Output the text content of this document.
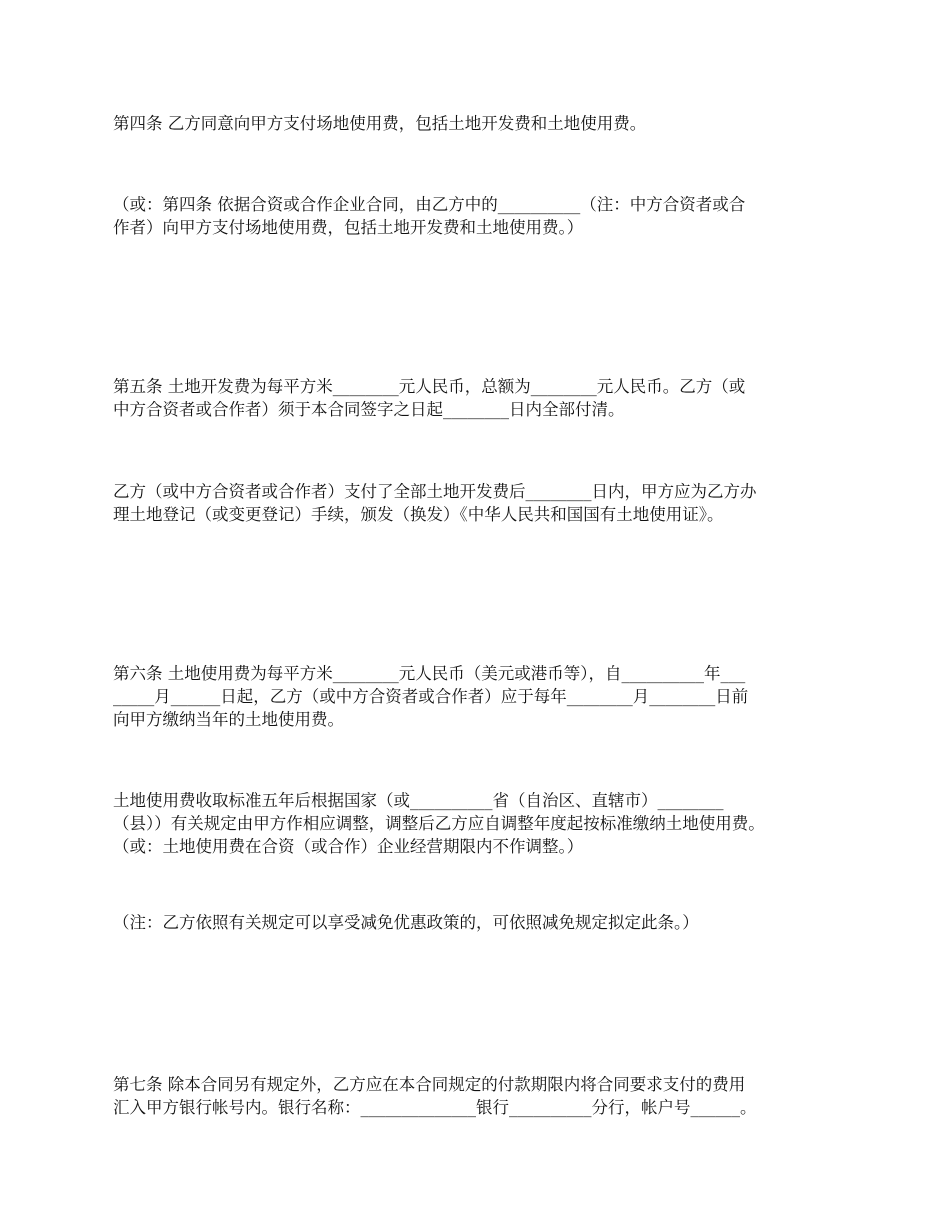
第四条 乙方同意向甲方支付场地使用费，包括土地开发费和土地使用费。

（或：第四条 依据合资或合作企业合同，由乙方中的__________（注：中方合资者或合
作者）向甲方支付场地使用费，包括土地开发费和土地使用费。）

第五条 土地开发费为每平方米________元人民币，总额为________元人民币。乙方（或
中方合资者或合作者）须于本合同签字之日起________日内全部付清。

乙方（或中方合资者或合作者）支付了全部土地开发费后________日内，甲方应为乙方办
理土地登记（或变更登记）手续，颁发（换发）《中华人民共和国国有土地使用证》。

第六条 土地使用费为每平方米________元人民币（美元或港币等），自__________年___
_____月______日起，乙方（或中方合资者或合作者）应于每年________月________日前
向甲方缴纳当年的土地使用费。

土地使用费收取标准五年后根据国家（或__________省（自治区、直辖市）________
（县））有关规定由甲方作相应调整，调整后乙方应自调整年度起按标准缴纳土地使用费。
（或：土地使用费在合资（或合作）企业经营期限内不作调整。）

（注：乙方依照有关规定可以享受减免优惠政策的，可依照减免规定拟定此条。）

第七条 除本合同另有规定外，乙方应在本合同规定的付款期限内将合同要求支付的费用
汇入甲方银行帐号内。银行名称：______________银行__________分行，帐户号______。
